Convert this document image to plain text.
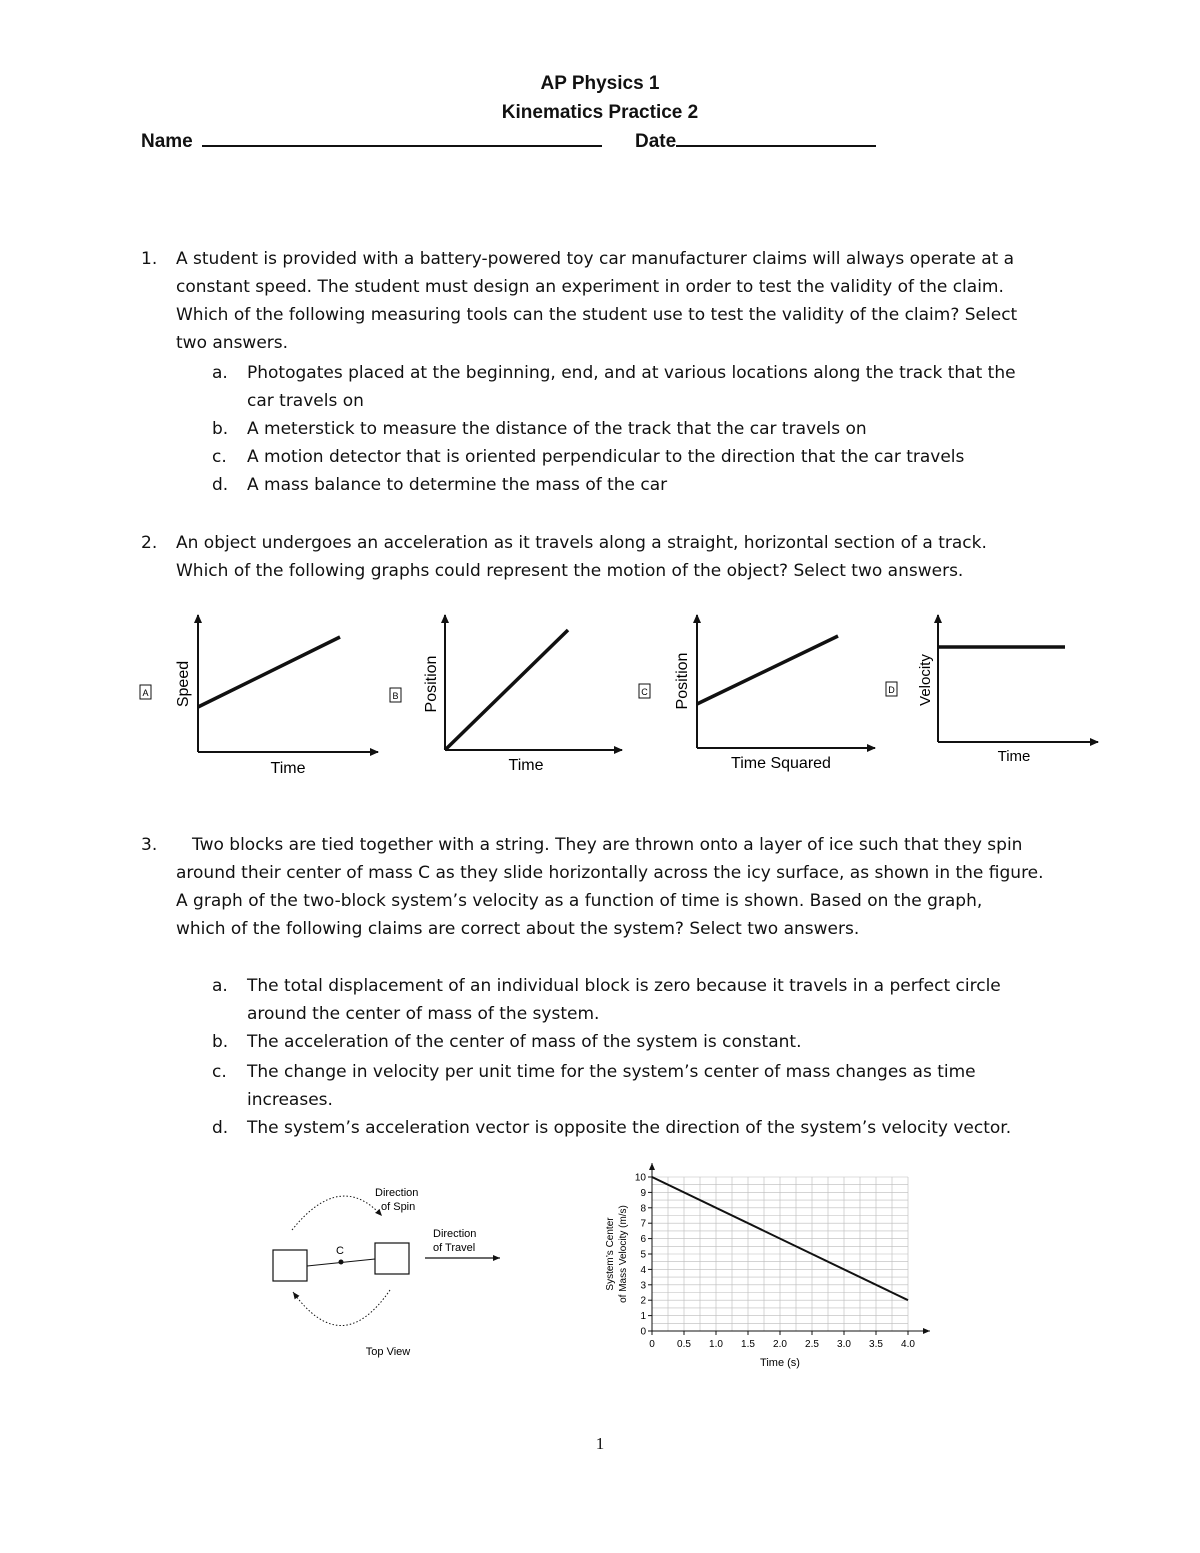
AP Physics 1
Kinematics Practice 2
Name	Date
1.	A student is provided with a battery-powered toy car manufacturer claims will always operate at a
constant speed. The student must design an experiment in order to test the validity of the claim.
Which of the following measuring tools can the student use to test the validity of the claim? Select
two answers.
a.	Photogates placed at the beginning, end, and at various locations along the track that the
car travels on
b.	A meterstick to measure the distance of the track that the car travels on
c.	A motion detector that is oriented perpendicular to the direction that the car travels
d.	A mass balance to determine the mass of the car
2.	An object undergoes an acceleration as it travels along a straight, horizontal section of a track.
Which of the following graphs could represent the motion of the object? Select two answers.
A
Time
Speed	B
Time
Position	C
Time Squared
Position	D
Time
Velocity
3.	Two blocks are tied together with a string. They are thrown onto a layer of ice such that they spin
around their center of mass C as they slide horizontally across the icy surface, as shown in the figure.
A graph of the two-block system’s velocity as a function of time is shown. Based on the graph,
which of the following claims are correct about the system? Select two answers.
a.	The total displacement of an individual block is zero because it travels in a perfect circle
around the center of mass of the system.
b.	The acceleration of the center of mass of the system is constant.
c.	The change in velocity per unit time for the system’s center of mass changes as time
increases.
d.	The system’s acceleration vector is opposite the direction of the system’s velocity vector.
C
Direction
of Spin
Direction
of Travel
Top View
0 0.5 1.0 1.5 2.0 2.5 3.0 3.5 4.0
0
1
2
3
4
5
6
7
8
9
10
Time (s)
System’s Center of Mass Velocity (m/s)
1
